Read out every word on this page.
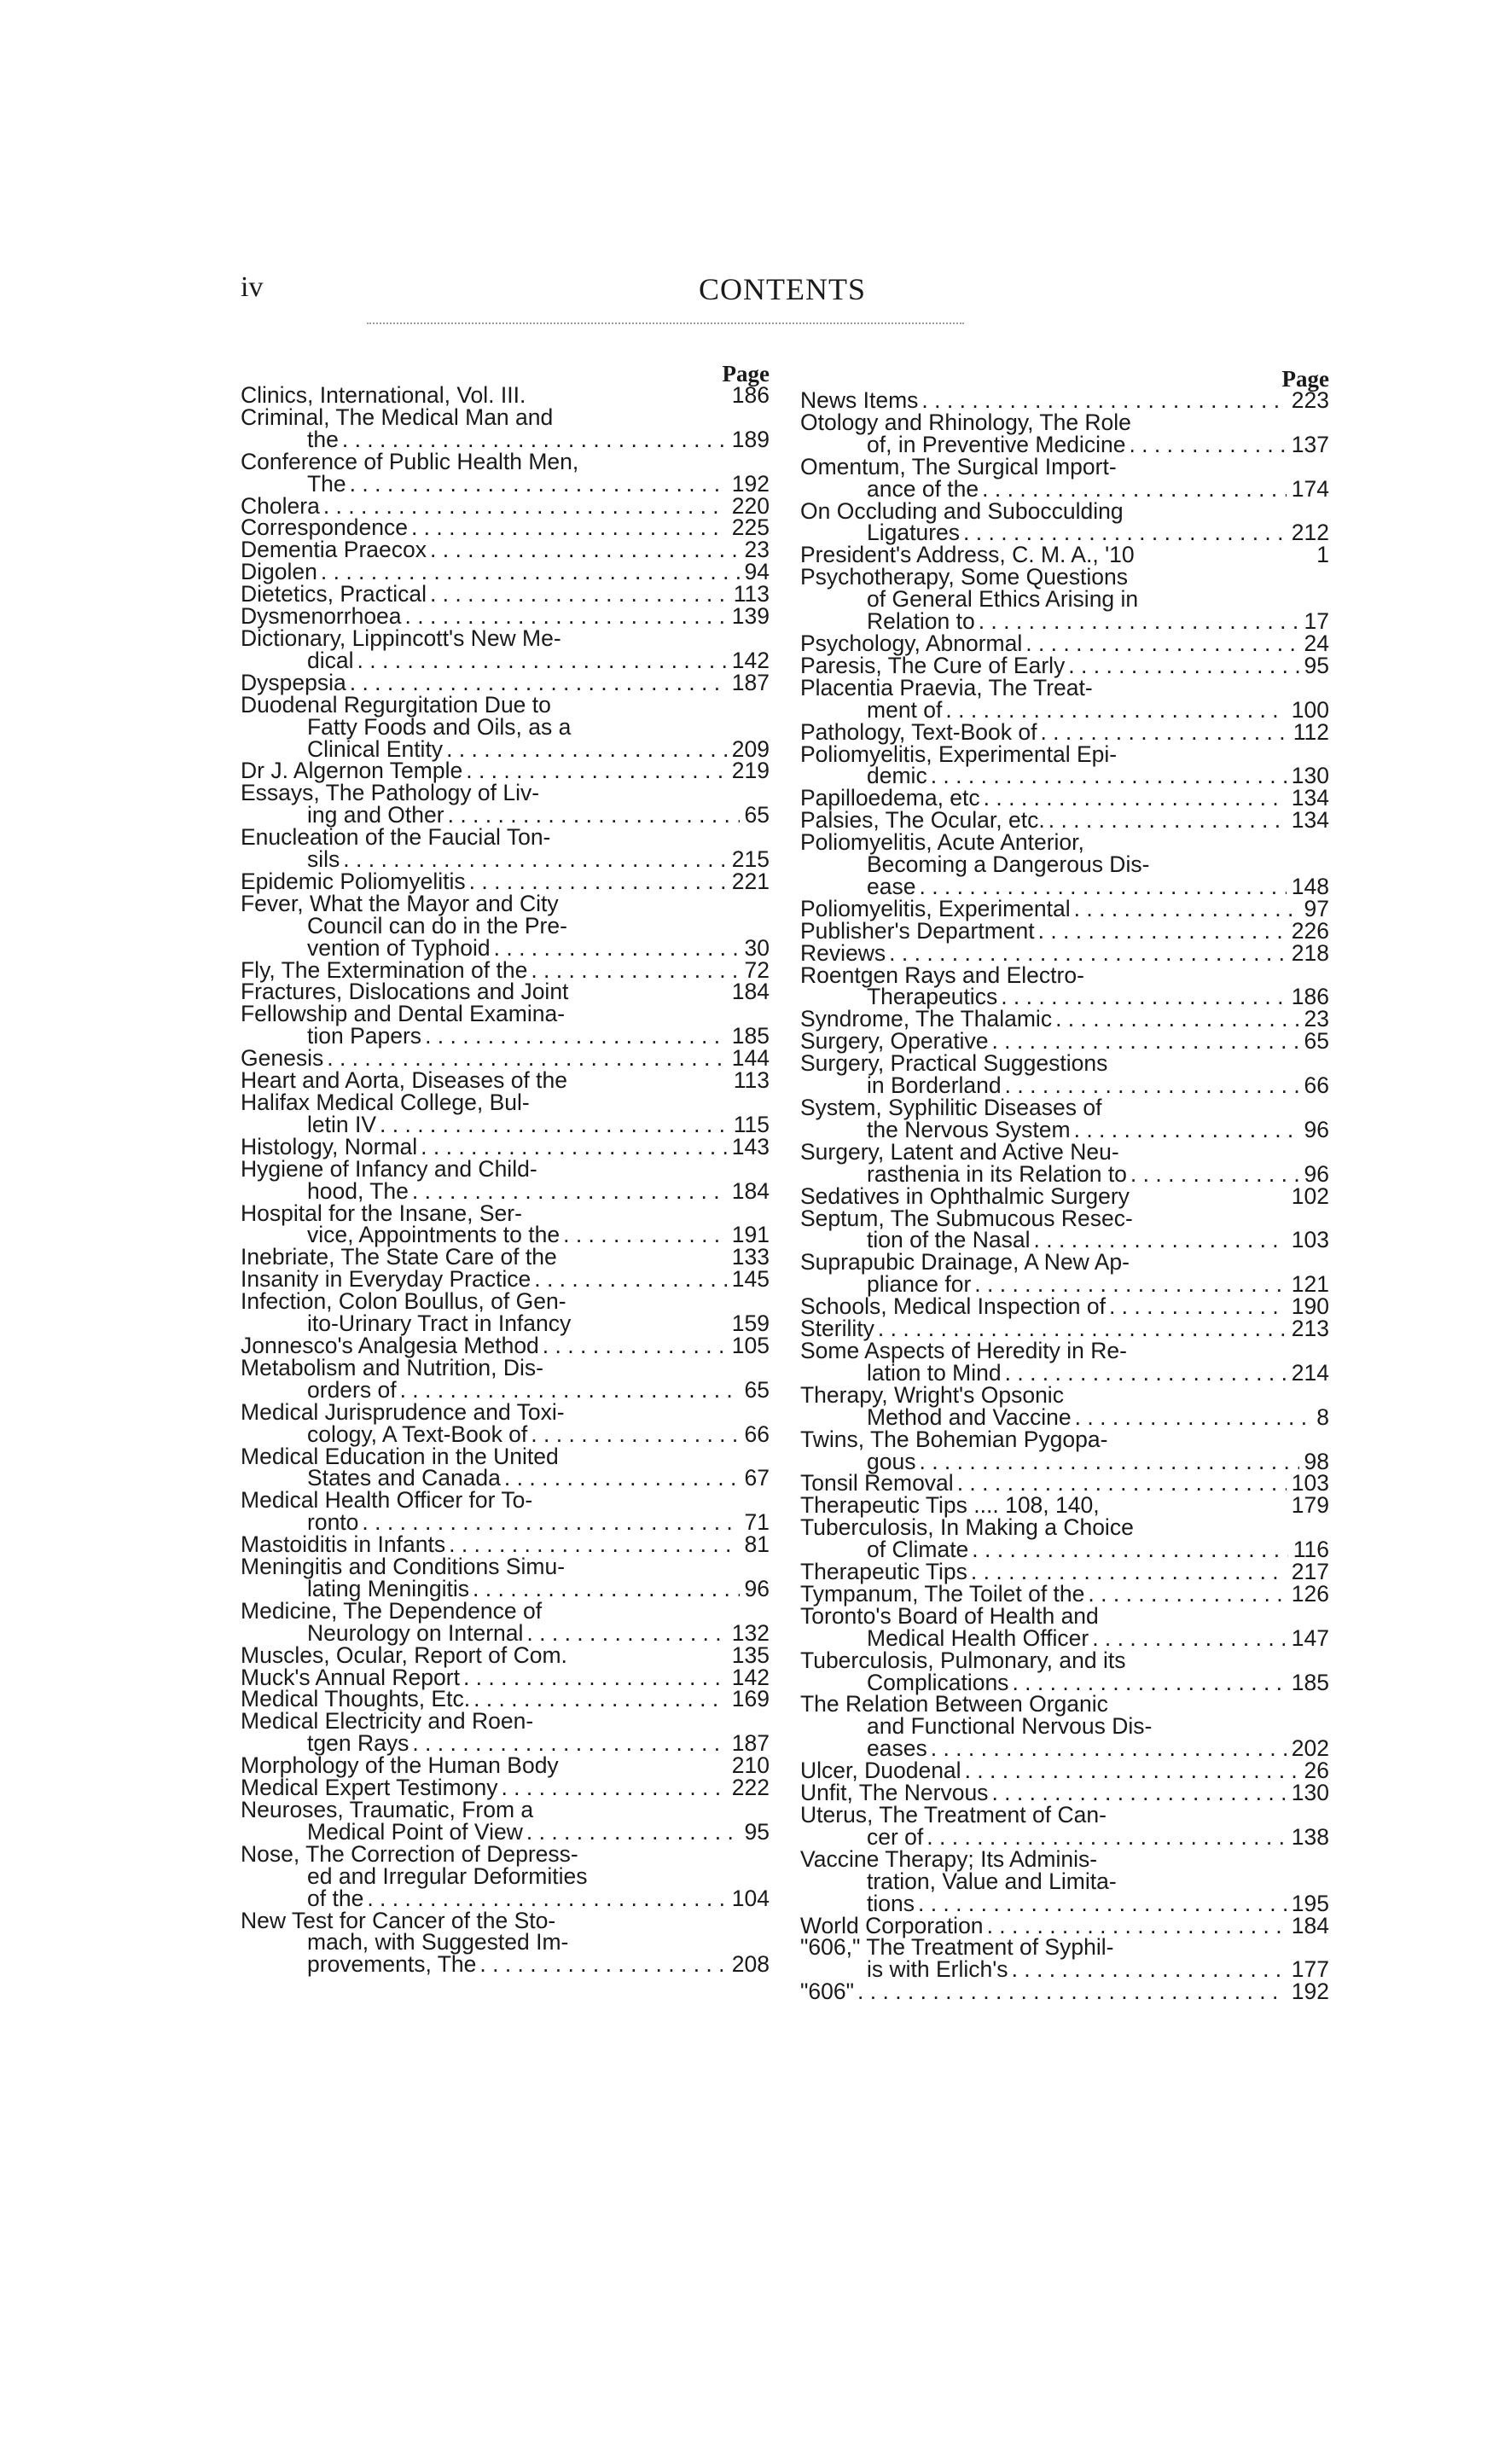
iv	CONTENTS
Page
Clinics, International, Vol. III.	186
Criminal, The Medical Man and
the . . .	189
Conference of Public Health Men,
The . . .	192
Cholera . . .	220
Correspondence . . .	225
Dementia Praecox . . .	23
Digolen . . .	94
Dietetics, Practical . . .	113
Dysmenorrhoea . . .	139
Dictionary, Lippincott's New Me-
dical . . .	142
Dyspepsia . . .	187
Duodenal Regurgitation Due to
Fatty Foods and Oils, as a
Clinical Entity . . .	209
Dr J. Algernon Temple . . .	219
Essays, The Pathology of Liv-
ing and Other . . .	65
Enucleation of the Faucial Ton-
sils . . .	215
Epidemic Poliomyelitis . . .	221
Fever, What the Mayor and City
Council can do in the Pre-
vention of Typhoid . . .	30
Fly, The Extermination of the . . .	72
Fractures, Dislocations and Joint	184
Fellowship and Dental Examina-
tion Papers . . .	185
Genesis . . .	144
Heart and Aorta, Diseases of the	113
Halifax Medical College, Bul-
letin IV . . .	115
Histology, Normal . . .	143
Hygiene of Infancy and Child-
hood, The . . .	184
Hospital for the Insane, Ser-
vice, Appointments to the . . .	191
Inebriate, The State Care of the	133
Insanity in Everyday Practice . . .	145
Infection, Colon Boullus, of Gen-
ito-Urinary Tract in Infancy	159
Jonnesco's Analgesia Method . . .	105
Metabolism and Nutrition, Dis-
orders of . . .	65
Medical Jurisprudence and Toxi-
cology, A Text-Book of . . .	66
Medical Education in the United
States and Canada . . .	67
Medical Health Officer for To-
ronto . . .	71
Mastoiditis in Infants . . .	81
Meningitis and Conditions Simu-
lating Meningitis . . .	96
Medicine, The Dependence of
Neurology on Internal . . .	132
Muscles, Ocular, Report of Com.	135
Muck's Annual Report . . .	142
Medical Thoughts, Etc. . . .	169
Medical Electricity and Roen-
tgen Rays . . .	187
Morphology of the Human Body	210
Medical Expert Testimony . . .	222
Neuroses, Traumatic, From a
Medical Point of View . . .	95
Nose, The Correction of Depress-
ed and Irregular Deformities
of the . . .	104
New Test for Cancer of the Sto-
mach, with Suggested Im-
provements, The . . .	208
Page
News Items . . .	223
Otology and Rhinology, The Role
of, in Preventive Medicine . . .	137
Omentum, The Surgical Import-
ance of the . . .	174
On Occluding and Subocculding
Ligatures . . .	212
President's Address, C. M. A., '10	1
Psychotherapy, Some Questions
of General Ethics Arising in
Relation to . . .	17
Psychology, Abnormal . . .	24
Paresis, The Cure of Early . . .	95
Placentia Praevia, The Treat-
ment of . . .	100
Pathology, Text-Book of . . .	112
Poliomyelitis, Experimental Epi-
demic . . .	130
Papilloedema, etc . . .	134
Palsies, The Ocular, etc. . . .	134
Poliomyelitis, Acute Anterior,
Becoming a Dangerous Dis-
ease . . .	148
Poliomyelitis, Experimental . . .	97
Publisher's Department . . .	226
Reviews . . .	218
Roentgen Rays and Electro-
Therapeutics . . .	186
Syndrome, The Thalamic . . .	23
Surgery, Operative . . .	65
Surgery, Practical Suggestions
in Borderland . . .	66
System, Syphilitic Diseases of
the Nervous System . . .	96
Surgery, Latent and Active Neu-
rasthenia in its Relation to . . .	96
Sedatives in Ophthalmic Surgery	102
Septum, The Submucous Resec-
tion of the Nasal . . .	103
Suprapubic Drainage, A New Ap-
pliance for . . .	121
Schools, Medical Inspection of . . .	190
Sterility . . .	213
Some Aspects of Heredity in Re-
lation to Mind . . .	214
Therapy, Wright's Opsonic
Method and Vaccine . . .	8
Twins, The Bohemian Pygopa-
gous . . .	98
Tonsil Removal . . .	103
Therapeutic Tips .... 108, 140,	179
Tuberculosis, In Making a Choice
of Climate . . .	116
Therapeutic Tips . . .	217
Tympanum, The Toilet of the . . .	126
Toronto's Board of Health and
Medical Health Officer . . .	147
Tuberculosis, Pulmonary, and its
Complications . . .	185
The Relation Between Organic
and Functional Nervous Dis-
eases . . .	202
Ulcer, Duodenal . . .	26
Unfit, The Nervous . . .	130
Uterus, The Treatment of Can-
cer of . . .	138
Vaccine Therapy; Its Adminis-
tration, Value and Limita-
tions . . .	195
World Corporation . . .	184
"606," The Treatment of Syphil-
is with Erlich's . . .	177
"606" . . .	192
